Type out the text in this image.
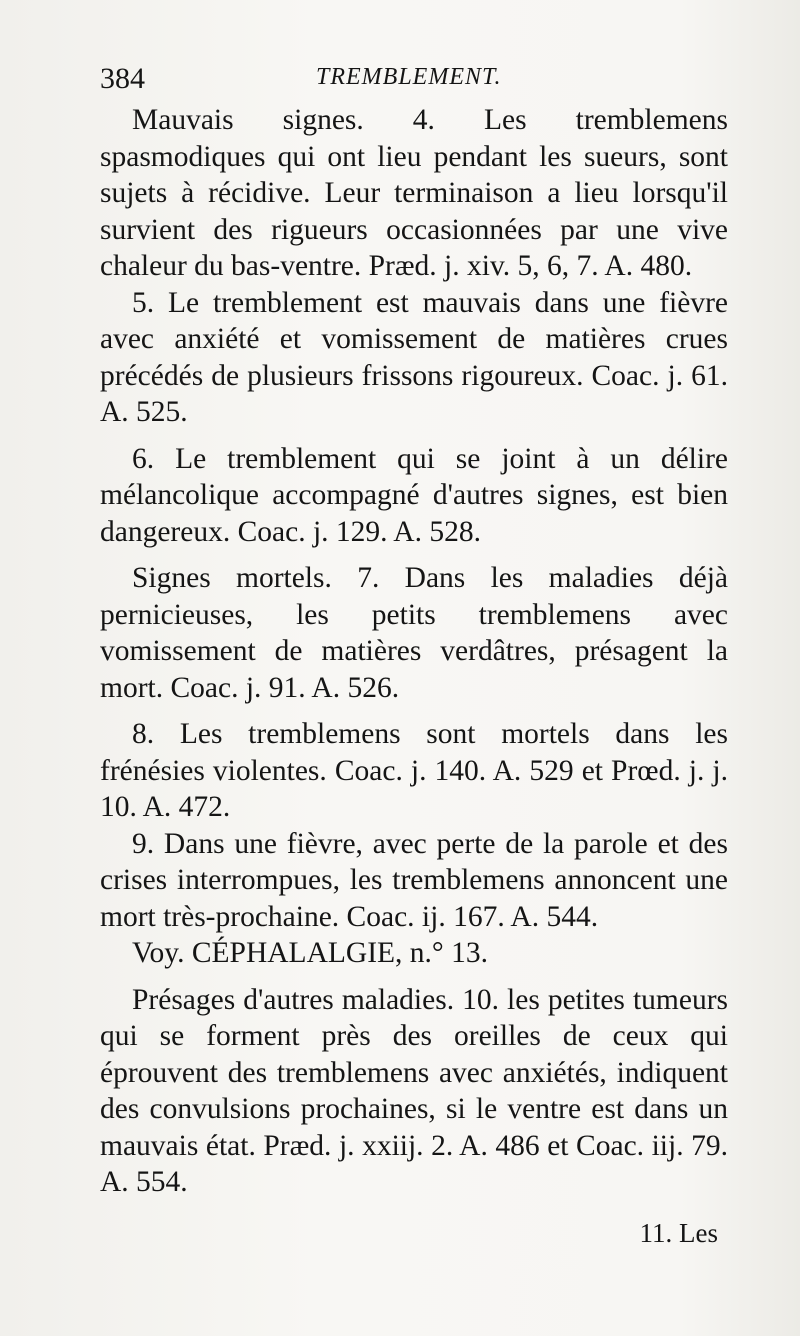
384	TREMBLEMENT.

Mauvais signes. 4. Les tremblemens spasmodiques qui ont lieu pendant les sueurs, sont sujets à récidive. Leur terminaison a lieu lorsqu'il survient des rigueurs occasionnées par une vive chaleur du bas-ventre. Præd. j. xiv. 5, 6, 7. A. 480.

5. Le tremblement est mauvais dans une fièvre avec anxiété et vomissement de matières crues précédés de plusieurs frissons rigoureux. Coac. j. 61. A. 525.

6. Le tremblement qui se joint à un délire mélancolique accompagné d'autres signes, est bien dangereux. Coac. j. 129. A. 528.

Signes mortels. 7. Dans les maladies déjà pernicieuses, les petits tremblemens avec vomissement de matières verdâtres, présagent la mort. Coac. j. 91. A. 526.

8. Les tremblemens sont mortels dans les frénésies violentes. Coac. j. 140. A. 529 et Prœd. j. j. 10. A. 472.

9. Dans une fièvre, avec perte de la parole et des crises interrompues, les tremblemens annoncent une mort très-prochaine. Coac. ij. 167. A. 544.

Voy. CÉPHALALGIE, n.° 13.

Présages d'autres maladies. 10. les petites tumeurs qui se forment près des oreilles de ceux qui éprouvent des tremblemens avec anxiétés, indiquent des convulsions prochaines, si le ventre est dans un mauvais état. Præd. j. xxiij. 2. A. 486 et Coac. iij. 79. A. 554.

11. Les
